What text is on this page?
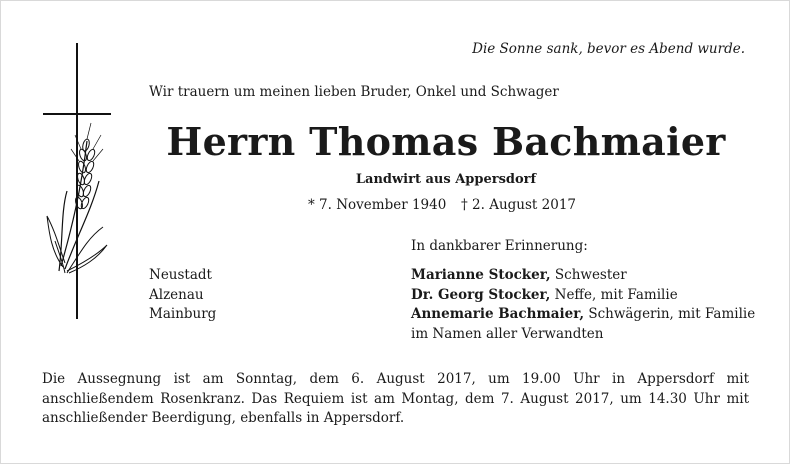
Die Sonne sank, bevor es Abend wurde.
Wir trauern um meinen lieben Bruder, Onkel und Schwager
Herrn Thomas Bachmaier
Landwirt aus Appersdorf
* 7. November 1940 † 2. August 2017
In dankbarer Erinnerung:
Neustadt
Alzenau
Mainburg
Marianne Stocker, Schwester
Dr. Georg Stocker, Neffe, mit Familie
Annemarie Bachmaier, Schwägerin, mit Familie
im Namen aller Verwandten
Die Aussegnung ist am Sonntag, dem 6. August 2017, um 19.00 Uhr in Appersdorf mit anschließendem Rosenkranz. Das Requiem ist am Montag, dem 7. August 2017, um 14.30 Uhr mit anschließender Beerdigung, ebenfalls in Appersdorf.
